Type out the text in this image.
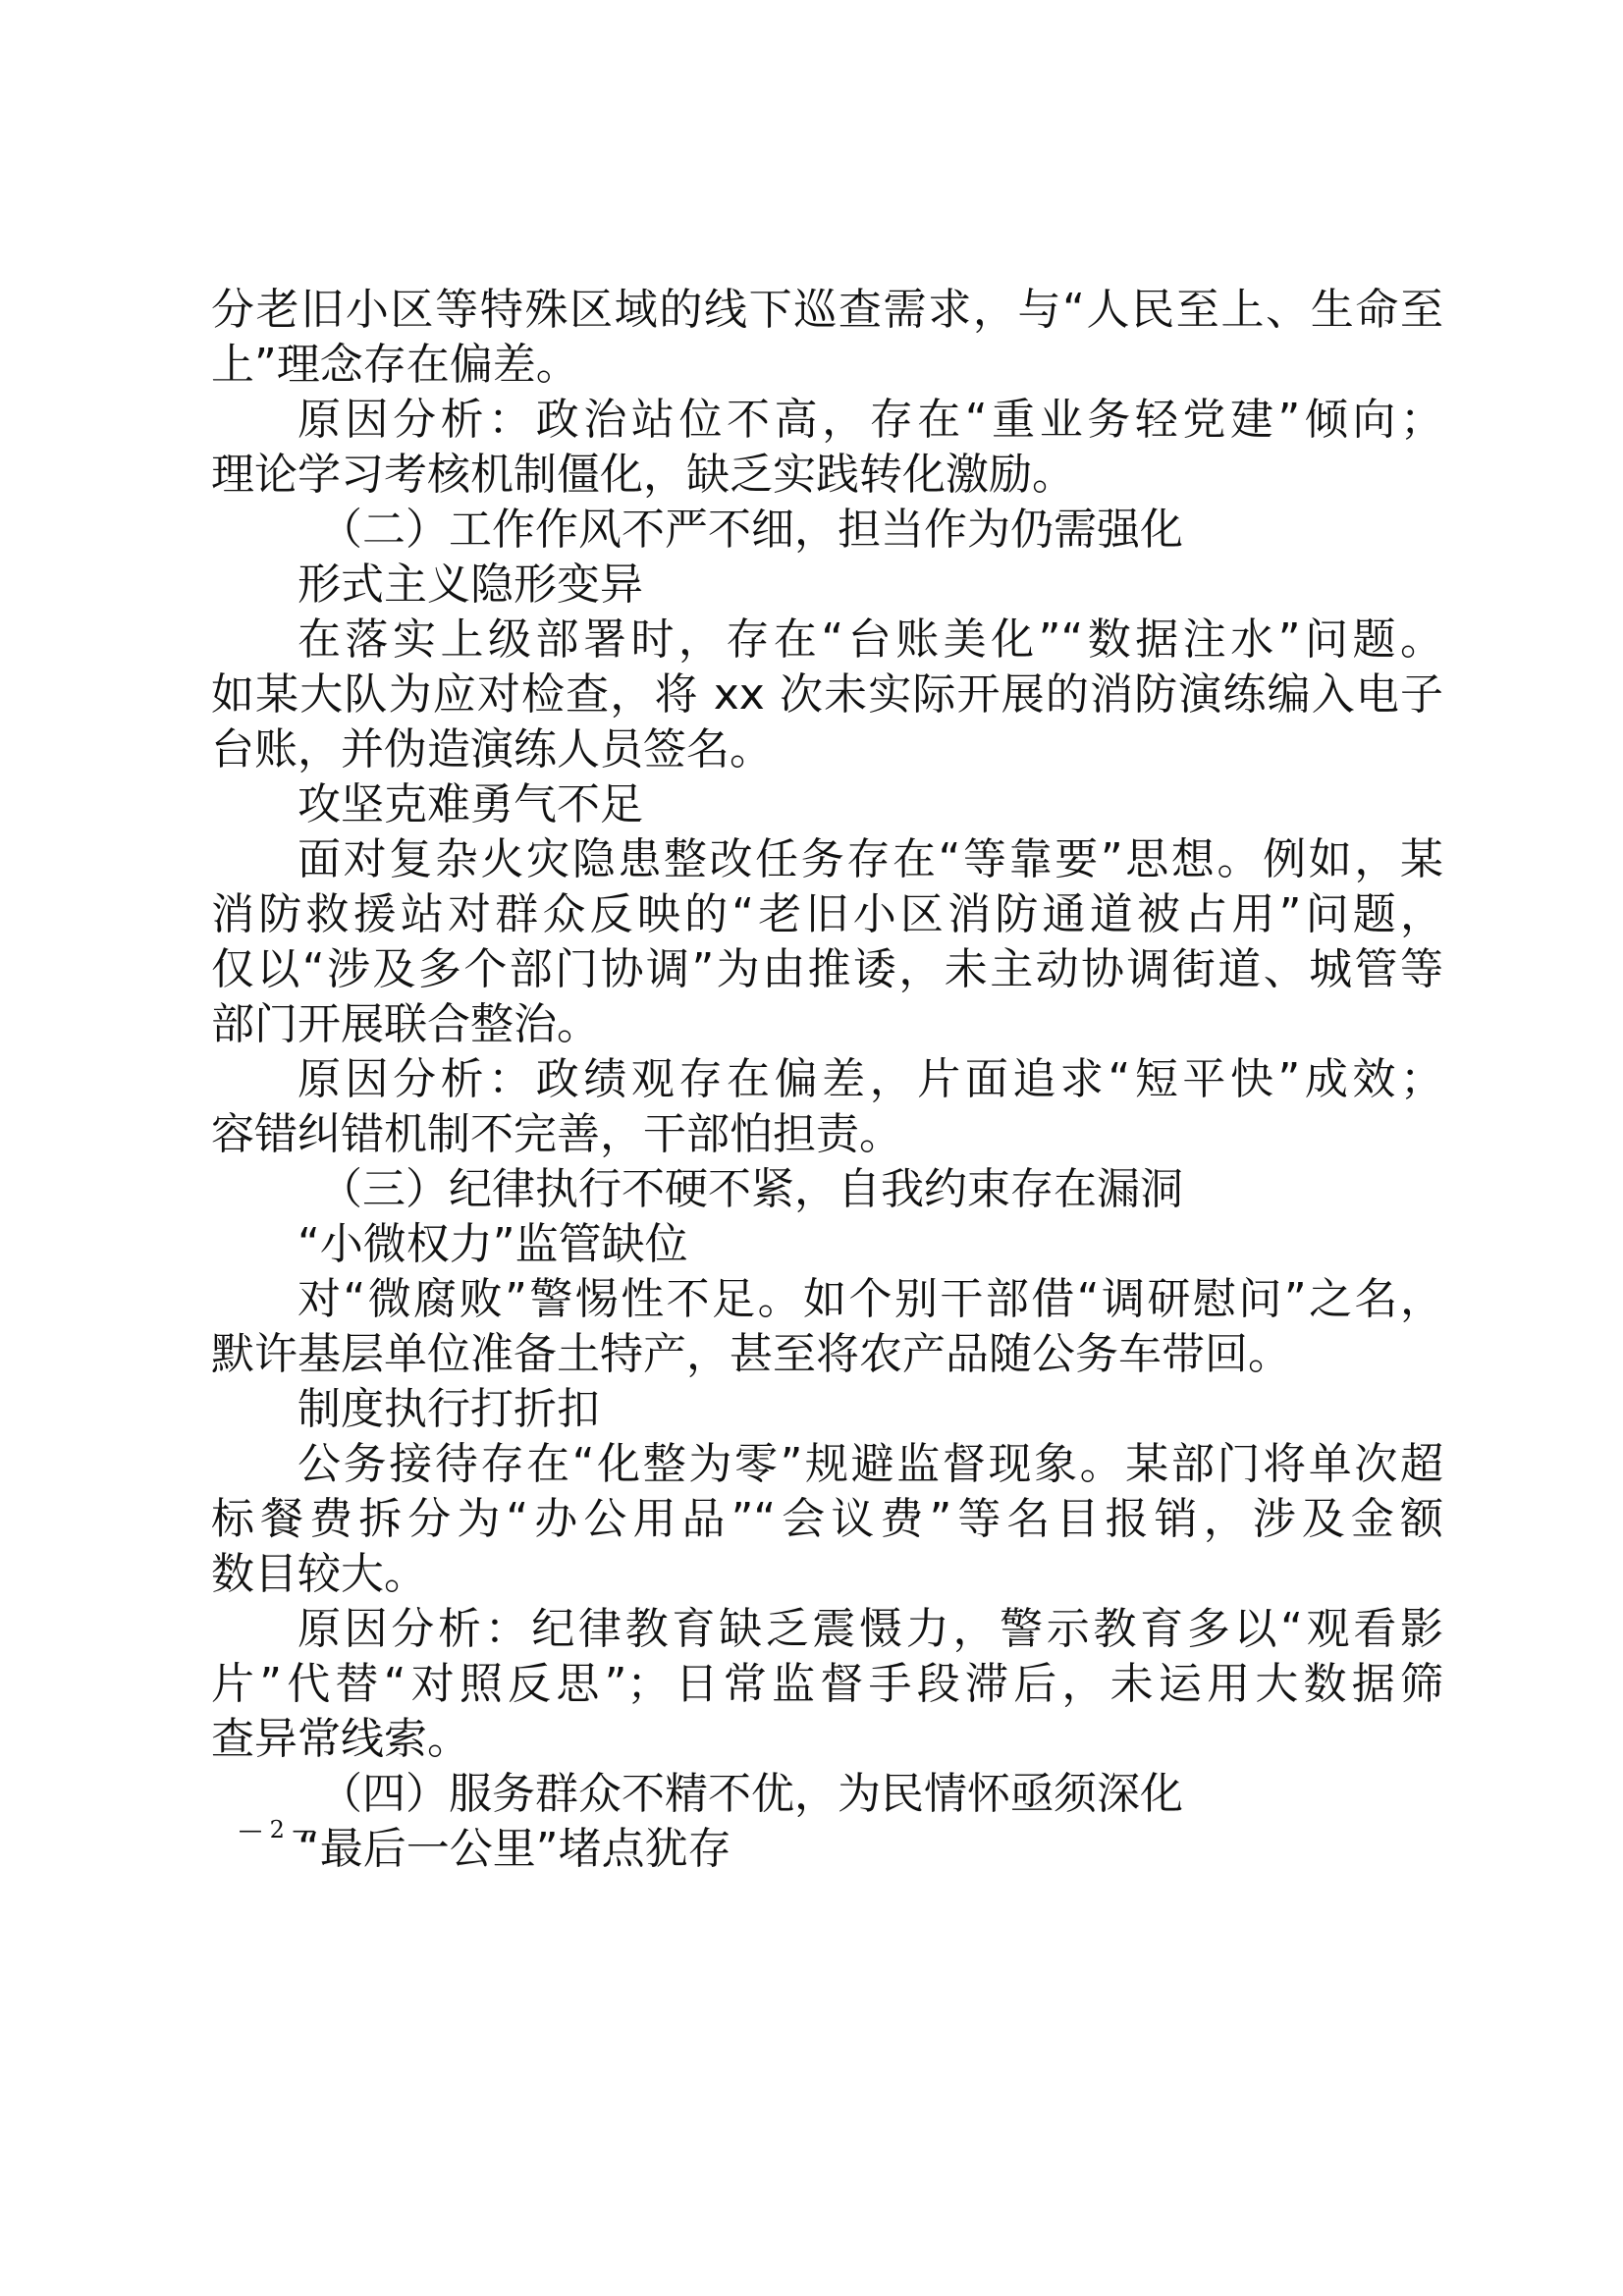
分老旧小区等特殊区域的线下巡查需求，与“人民至上、生命至
上”理念存在偏差。
原因分析：政治站位不高，存在“重业务轻党建”倾向；
理论学习考核机制僵化，缺乏实践转化激励。
（二）工作作风不严不细，担当作为仍需强化
形式主义隐形变异
在落实上级部署时，存在“台账美化”“数据注水”问题。
如某大队为应对检查，将 xx 次未实际开展的消防演练编入电子
台账，并伪造演练人员签名。
攻坚克难勇气不足
面对复杂火灾隐患整改任务存在“等靠要”思想。例如，某
消防救援站对群众反映的“老旧小区消防通道被占用”问题，
仅以“涉及多个部门协调”为由推诿，未主动协调街道、城管等
部门开展联合整治。
原因分析：政绩观存在偏差，片面追求“短平快”成效；
容错纠错机制不完善，干部怕担责。
（三）纪律执行不硬不紧，自我约束存在漏洞
“小微权力”监管缺位
对“微腐败”警惕性不足。如个别干部借“调研慰问”之名，
默许基层单位准备土特产，甚至将农产品随公务车带回。
制度执行打折扣
公务接待存在“化整为零”规避监督现象。某部门将单次超
标餐费拆分为“办公用品”“会议费”等名目报销，涉及金额
数目较大。
原因分析：纪律教育缺乏震慑力，警示教育多以“观看影
片”代替“对照反思”；日常监督手段滞后，未运用大数据筛
查异常线索。
（四）服务群众不精不优，为民情怀亟须深化
“最后一公里”堵点犹存
— 2 —
